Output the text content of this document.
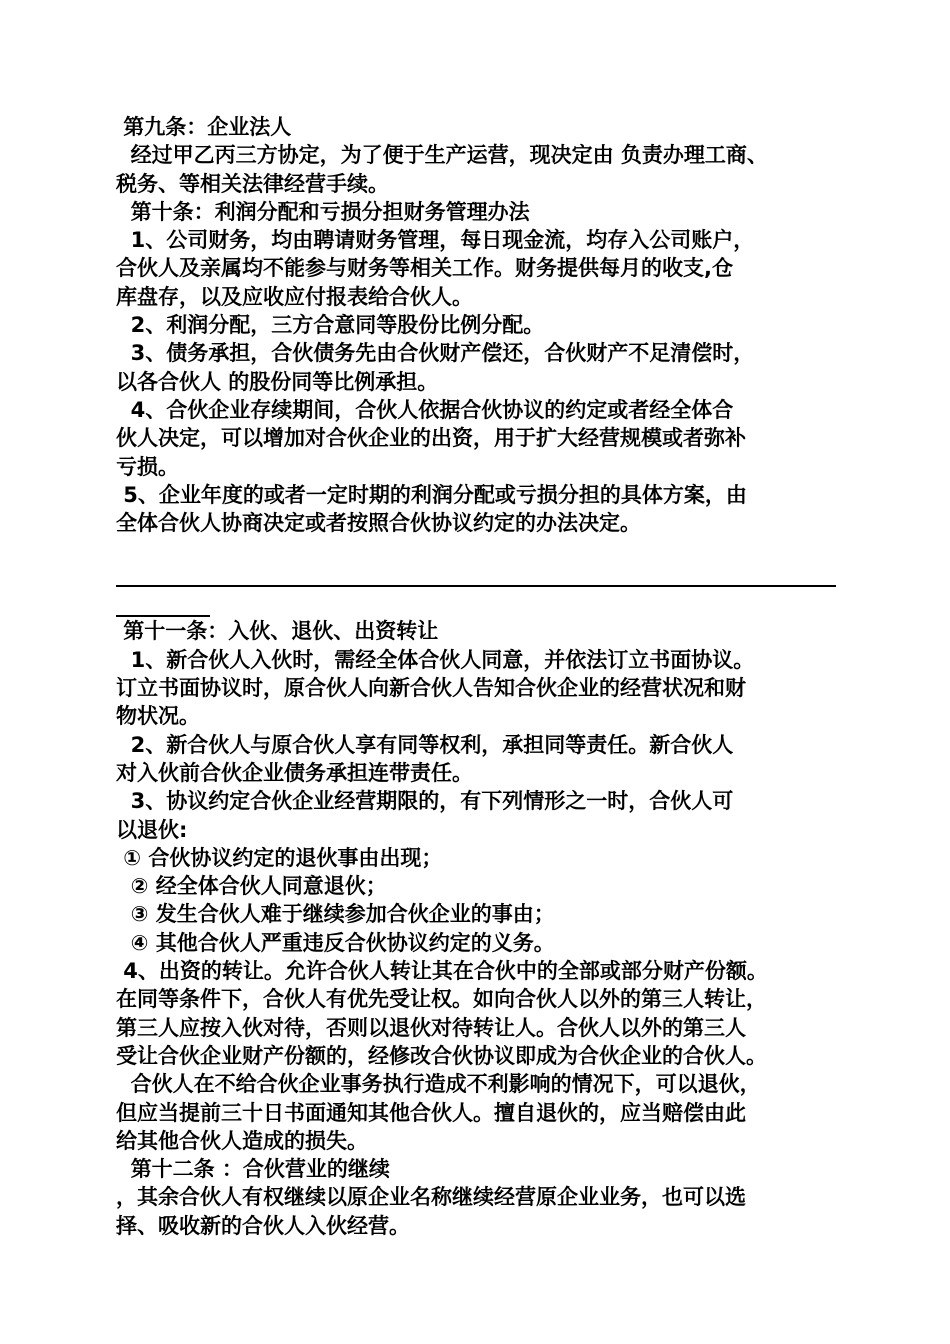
第九条：企业法人
经过甲乙丙三方协定，为了便于生产运营，现决定由 负责办理工商、
税务、等相关法律经营手续。
第十条：利润分配和亏损分担财务管理办法
1、公司财务，均由聘请财务管理，每日现金流，均存入公司账户，
合伙人及亲属均不能参与财务等相关工作。财务提供每月的收支,仓
库盘存，以及应收应付报表给合伙人。
2、利润分配，三方合意同等股份比例分配。
3、债务承担，合伙债务先由合伙财产偿还，合伙财产不足清偿时，
以各合伙人 的股份同等比例承担。
4、合伙企业存续期间，合伙人依据合伙协议的约定或者经全体合
伙人决定，可以增加对合伙企业的出资，用于扩大经营规模或者弥补
亏损。
5、企业年度的或者一定时期的利润分配或亏损分担的具体方案，由
全体合伙人协商决定或者按照合伙协议约定的办法决定。
第十一条：入伙、退伙、出资转让
1、新合伙人入伙时，需经全体合伙人同意，并依法订立书面协议。
订立书面协议时，原合伙人向新合伙人告知合伙企业的经营状况和财
物状况。
2、新合伙人与原合伙人享有同等权利，承担同等责任。新合伙人
对入伙前合伙企业债务承担连带责任。
3、协议约定合伙企业经营期限的，有下列情形之一时，合伙人可
以退伙:
① 合伙协议约定的退伙事由出现；
② 经全体合伙人同意退伙；
③ 发生合伙人难于继续参加合伙企业的事由；
④ 其他合伙人严重违反合伙协议约定的义务。
4、出资的转让。允许合伙人转让其在合伙中的全部或部分财产份额。
在同等条件下，合伙人有优先受让权。如向合伙人以外的第三人转让，
第三人应按入伙对待，否则以退伙对待转让人。合伙人以外的第三人
受让合伙企业财产份额的，经修改合伙协议即成为合伙企业的合伙人。
合伙人在不给合伙企业事务执行造成不利影响的情况下，可以退伙，
但应当提前三十日书面通知其他合伙人。擅自退伙的，应当赔偿由此
给其他合伙人造成的损失。
第十二条 ：合伙营业的继续
，其余合伙人有权继续以原企业名称继续经营原企业业务，也可以选
择、吸收新的合伙人入伙经营。
